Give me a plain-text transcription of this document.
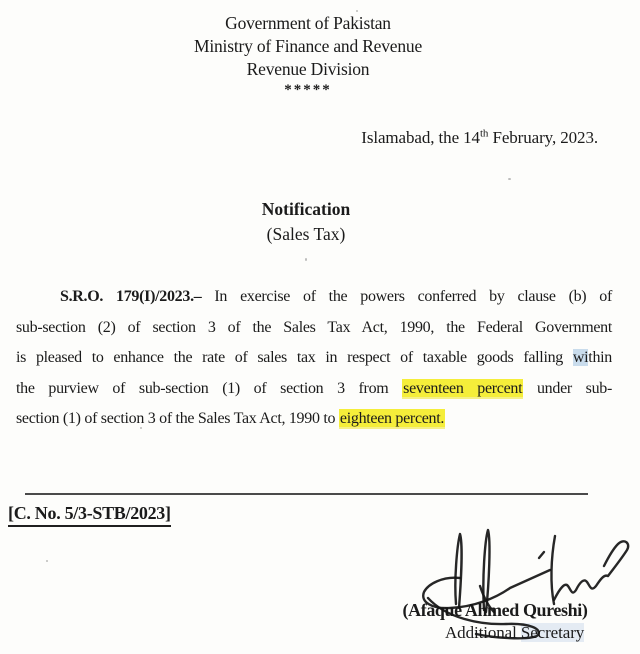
Government of Pakistan
Ministry of Finance and Revenue
Revenue Division
*****
Islamabad, the 14th February, 2023.
Notification
(Sales Tax)
S.R.O. 179(I)/2023.– In exercise of the powers conferred by clause (b) of
sub-section (2) of section 3 of the Sales Tax Act, 1990, the Federal Government
is pleased to enhance the rate of sales tax in respect of taxable goods falling within
the purview of sub-section (1) of section 3 from seventeen percent under sub-
section (1) of section 3 of the Sales Tax Act, 1990 to eighteen percent.
[C. No. 5/3-STB/2023]
(Afaque Ahmed Qureshi)
Additional Secretary
